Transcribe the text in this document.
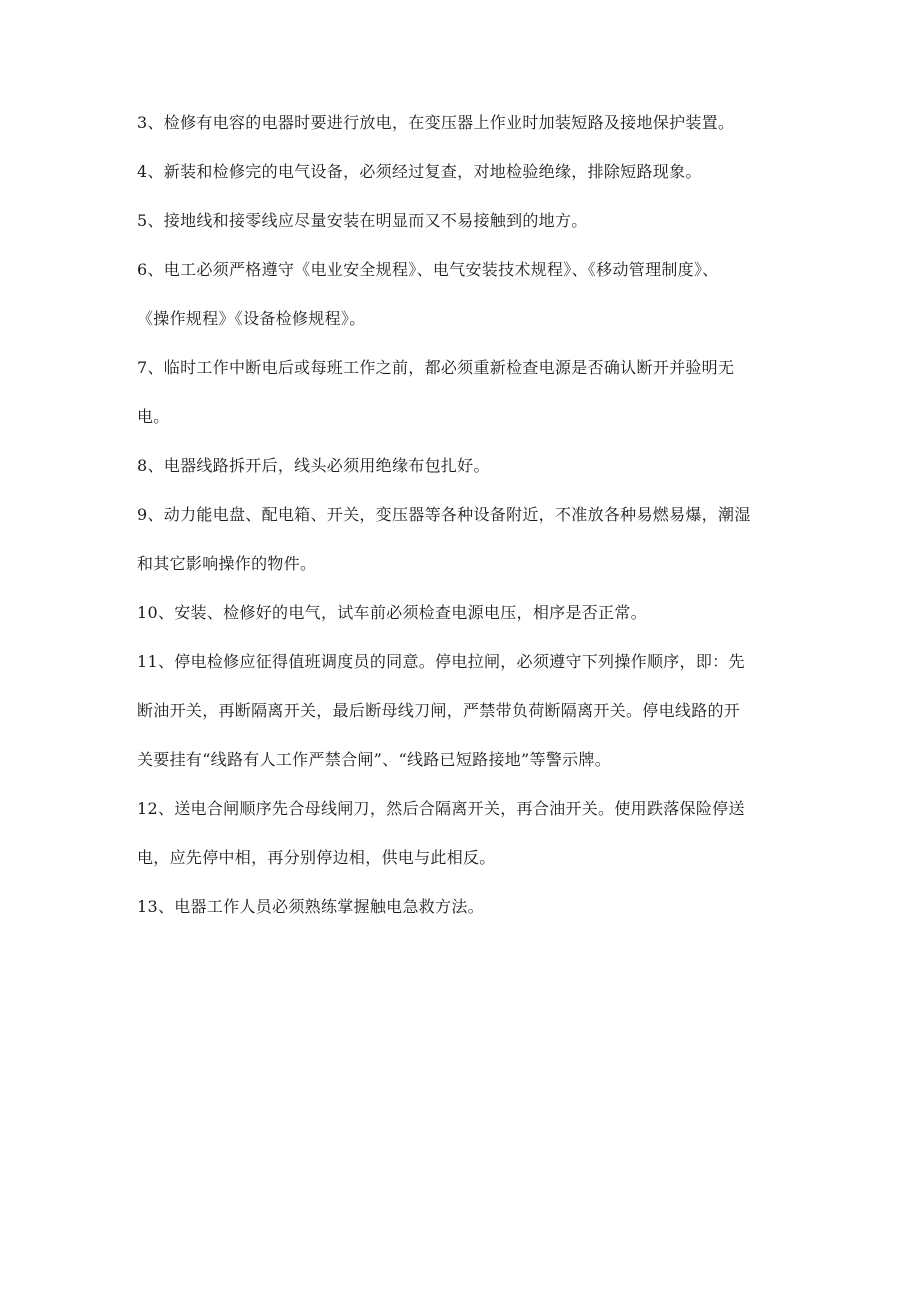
3、检修有电容的电器时要进行放电，在变压器上作业时加装短路及接地保护装置。

4、新装和检修完的电气设备，必须经过复查，对地检验绝缘，排除短路现象。

5、接地线和接零线应尽量安装在明显而又不易接触到的地方。

6、电工必须严格遵守《电业安全规程》、电气安装技术规程》、《移动管理制度》、

《操作规程》《设备检修规程》。

7、临时工作中断电后或每班工作之前，都必须重新检查电源是否确认断开并验明无

电。

8、电器线路拆开后，线头必须用绝缘布包扎好。

9、动力能电盘、配电箱、开关，变压器等各种设备附近，不准放各种易燃易爆，潮湿

和其它影响操作的物件。

10、安装、检修好的电气，试车前必须检查电源电压，相序是否正常。

11、停电检修应征得值班调度员的同意。停电拉闸，必须遵守下列操作顺序，即：先

断油开关，再断隔离开关，最后断母线刀闸，严禁带负荷断隔离开关。停电线路的开

关要挂有“线路有人工作严禁合闸”、“线路已短路接地”等警示牌。

12、送电合闸顺序先合母线闸刀，然后合隔离开关，再合油开关。使用跌落保险停送

电，应先停中相，再分别停边相，供电与此相反。

13、电器工作人员必须熟练掌握触电急救方法。
